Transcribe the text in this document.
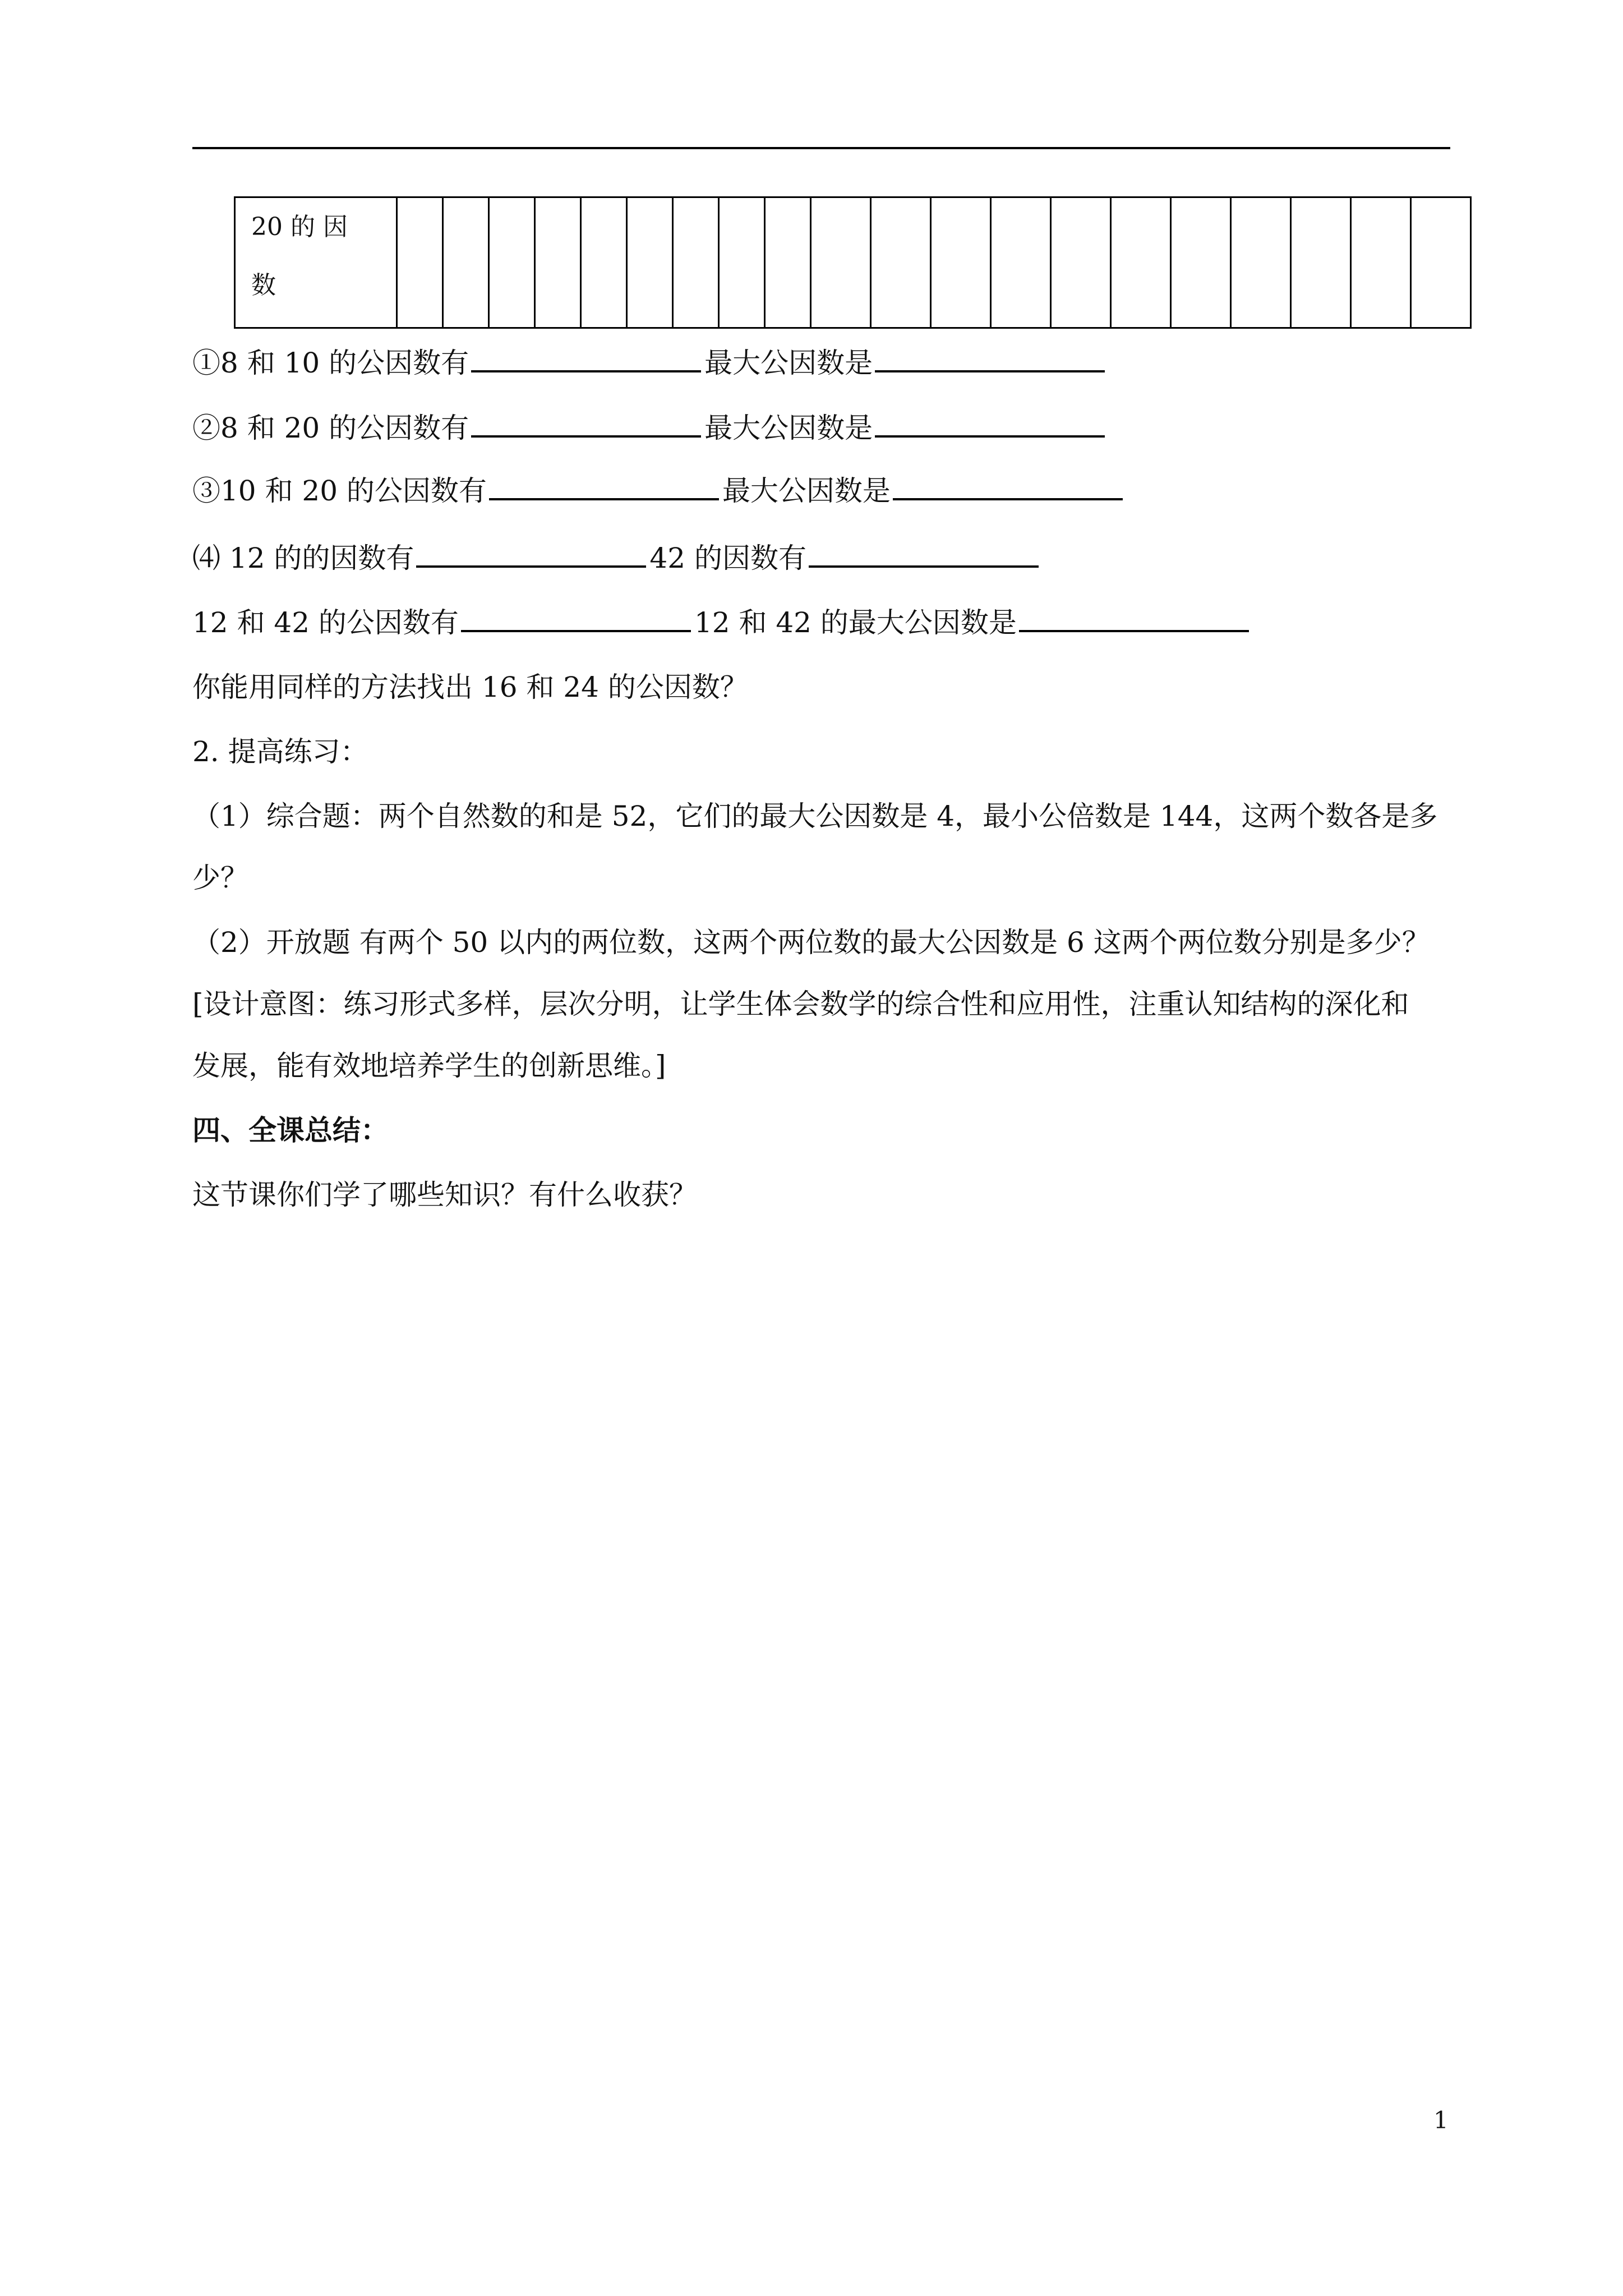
20 的 因
数

①8 和 10 的公因数有	最大公因数是
②8 和 20 的公因数有	最大公因数是
③10 和 20 的公因数有	最大公因数是
⑷ 12 的的因数有	42 的因数有
12 和 42 的公因数有	12 和 42 的最大公因数是
你能用同样的方法找出 16 和 24 的公因数？
2. 提高练习：
（1）综合题：两个自然数的和是 52，它们的最大公因数是 4，最小公倍数是 144，这两个数各是多
少？
（2）开放题 有两个 50 以内的两位数，这两个两位数的最大公因数是 6 这两个两位数分别是多少？
[设计意图：练习形式多样，层次分明，让学生体会数学的综合性和应用性，注重认知结构的深化和
发展，能有效地培养学生的创新思维。]
四、全课总结：
这节课你们学了哪些知识？有什么收获？
1
